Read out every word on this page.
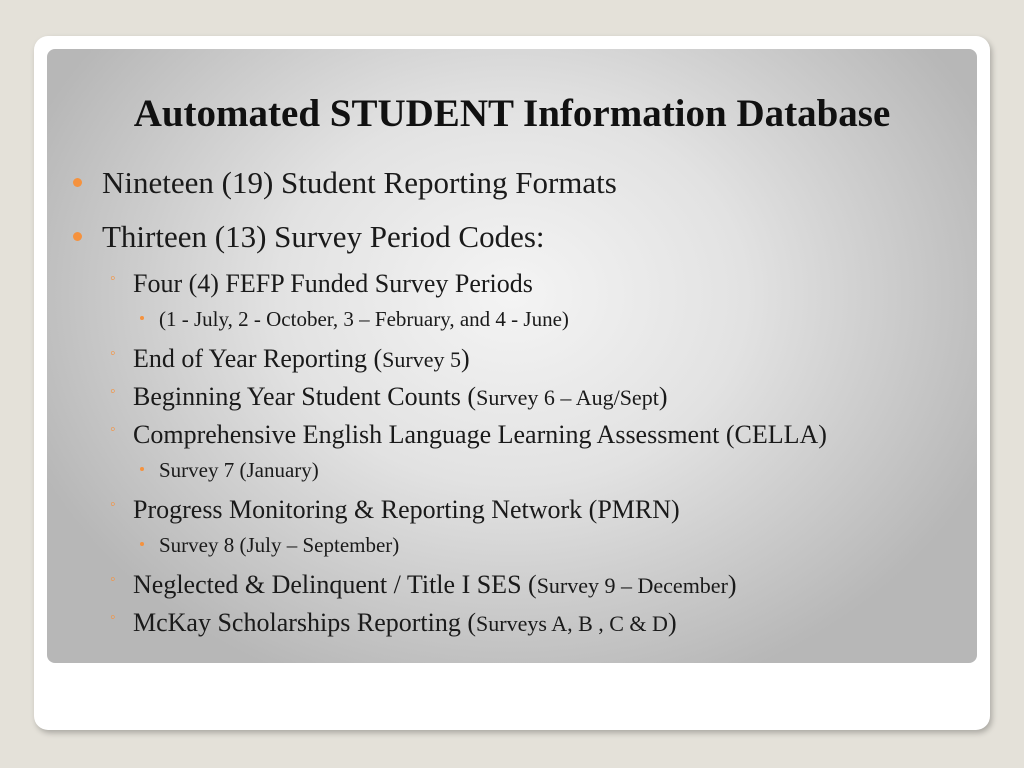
Automated STUDENT Information Database
Nineteen (19) Student Reporting Formats
Thirteen (13) Survey Period Codes:
◦ Four (4) FEFP Funded Survey Periods
(1 - July, 2 - October, 3 – February, and 4 - June)
◦ End of Year Reporting (Survey 5)
◦ Beginning Year Student Counts (Survey 6 – Aug/Sept)
◦ Comprehensive English Language Learning Assessment (CELLA)
Survey 7 (January)
◦ Progress Monitoring & Reporting Network (PMRN)
Survey 8 (July – September)
◦ Neglected & Delinquent / Title I SES (Survey 9 – December)
◦ McKay Scholarships Reporting (Surveys A, B , C & D)
